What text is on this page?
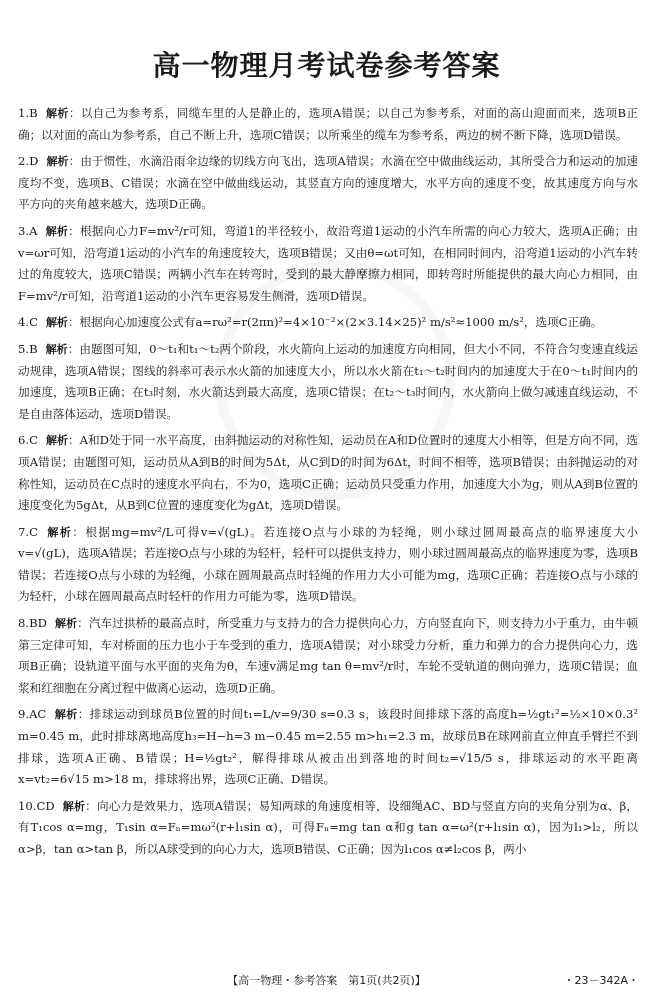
高一物理月考试卷参考答案
1.B 解析：以自己为参考系，同缆车里的人是静止的，选项A错误；以自己为参考系，对面的高山迎面而来，选项B正确；以对面的高山为参考系，自己不断上升，选项C错误；以所乘坐的缆车为参考系，两边的树不断下降，选项D错误。
2.D 解析：由于惯性，水滴沿雨伞边缘的切线方向飞出，选项A错误；水滴在空中做曲线运动，其所受合力和运动的加速度均不变，选项B、C错误；水滴在空中做曲线运动，其竖直方向的速度增大，水平方向的速度不变，故其速度方向与水平方向的夹角越来越大，选项D正确。
3.A 解析：根据向心力F=mv²/r可知，弯道1的半径较小，故沿弯道1运动的小汽车所需的向心力较大，选项A正确；由v=ωr可知，沿弯道1运动的小汽车的角速度较大，选项B错误；又由θ=ωt可知，在相同时间内，沿弯道1运动的小汽车转过的角度较大，选项C错误；两辆小汽车在转弯时，受到的最大静摩擦力相同，即转弯时所能提供的最大向心力相同，由F=mv²/r可知，沿弯道1运动的小汽车更容易发生侧滑，选项D错误。
4.C 解析：根据向心加速度公式有a=rω²=r(2πn)²=4×10⁻²×(2×3.14×25)² m/s²≈1000 m/s²，选项C正确。
5.B 解析：由题图可知，0～t₁和t₁～t₂两个阶段，水火箭向上运动的加速度方向相同，但大小不同，不符合匀变速直线运动规律，选项A错误；图线的斜率可表示水火箭的加速度大小，所以水火箭在t₁～t₂时间内的加速度大于在0～t₁时间内的加速度，选项B正确；在t₃时刻，水火箭达到最大高度，选项C错误；在t₂～t₃时间内，水火箭向上做匀减速直线运动，不是自由落体运动，选项D错误。
6.C 解析：A和D处于同一水平高度，由斜抛运动的对称性知，运动员在A和D位置时的速度大小相等，但是方向不同，选项A错误；由题图可知，运动员从A到B的时间为5Δt，从C到D的时间为6Δt，时间不相等，选项B错误；由斜抛运动的对称性知，运动员在C点时的速度水平向右，不为0，选项C正确；运动员只受重力作用，加速度大小为g，则从A到B位置的速度变化为5gΔt，从B到C位置的速度变化为gΔt，选项D错误。
7.C 解析：根据mg=mv²/L可得v=√(gL)。若连接O点与小球的为轻绳，则小球过圆周最高点的临界速度大小v=√(gL)，选项A错误；若连接O点与小球的为轻杆，轻杆可以提供支持力，则小球过圆周最高点的临界速度为零，选项B错误；若连接O点与小球的为轻绳，小球在圆周最高点时轻绳的作用力大小可能为mg，选项C正确；若连接O点与小球的为轻杆，小球在圆周最高点时轻杆的作用力可能为零，选项D错误。
8.BD 解析：汽车过拱桥的最高点时，所受重力与支持力的合力提供向心力，方向竖直向下，则支持力小于重力，由牛顿第三定律可知，车对桥面的压力也小于车受到的重力，选项A错误；对小球受力分析，重力和弹力的合力提供向心力，选项B正确；设轨道平面与水平面的夹角为θ，车速v满足mg tan θ=mv²/r时，车轮不受轨道的侧向弹力，选项C错误；血浆和红细胞在分离过程中做离心运动，选项D正确。
9.AC 解析：排球运动到球员B位置的时间t₁=L/v=9/30 s=0.3 s，该段时间排球下落的高度h=½gt₁²=½×10×0.3² m=0.45 m，此时排球离地高度h₃=H−h=3 m−0.45 m=2.55 m>h₁=2.3 m，故球员B在球网前直立伸直手臂拦不到排球，选项A正确、B错误；H=½gt₂²，解得排球从被击出到落地的时间t₂=√15/5 s，排球运动的水平距离x=vt₂=6√15 m>18 m，排球将出界，选项C正确、D错误。
10.CD 解析：向心力是效果力，选项A错误；易知两球的角速度相等，设细绳AC、BD与竖直方向的夹角分别为α、β，有T₁cos α=mg，T₁sin α=Fₙ=mω²(r+l₁sin α)，可得Fₙ=mg tan α和g tan α=ω²(r+l₁sin α)，因为l₁>l₂，所以α>β，tan α>tan β，所以A球受到的向心力大，选项B错误、C正确；因为l₁cos α≠l₂cos β，两小
【高一物理・参考答案　第1页(共2页)】	・23－342A・
